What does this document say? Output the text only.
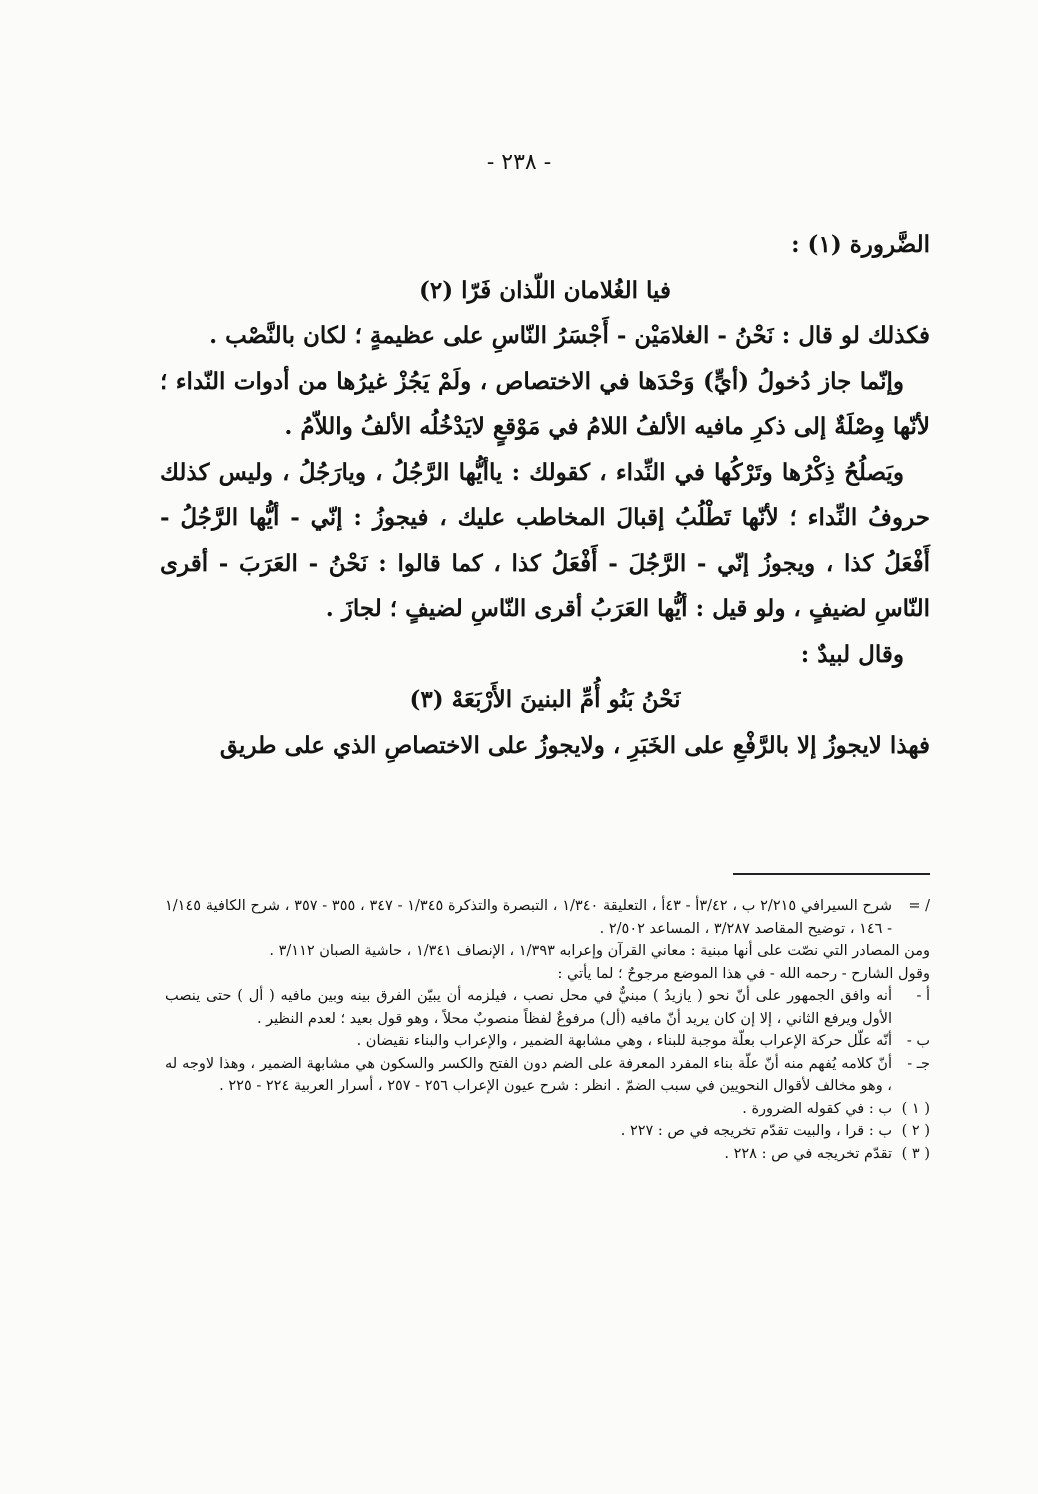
- ٢٣٨ -

الضَّرورة (١) :

فيا الغُلامان اللّذان فَرّا (٢)

فكذلك لو قال : نَحْنُ - الغلامَيْن - أَجْسَرُ النّاسِ على عظيمةٍ ؛ لكان بالنَّصْب .

وإنّما جاز دُخولُ (أيٍّ) وَحْدَها في الاختصاص ، ولَمْ يَجُزْ غيرُها من أدوات النّداء ؛ لأنّها وِصْلَةٌ إلى ذكرِ مافيه الألفُ اللامُ في مَوْقعٍ لايَدْخُلُه الألفُ واللاّمُ .

ويَصلُحُ ذِكْرُها وتَرْكُها في النِّداء ، كقولك : ياأيُّها الرَّجُلُ ، ويارَجُلُ ، وليس كذلك حروفُ النِّداء ؛ لأنّها تَطْلُبُ إقبالَ المخاطب عليك ، فيجوزُ : إنّي - أيُّها الرَّجُلُ - أَفْعَلُ كذا ، ويجوزُ إنّي - الرَّجُلَ - أَفْعَلُ كذا ، كما قالوا : نَحْنُ - العَرَبَ - أقرى النّاسِ لضيفٍ ، ولو قيل : أيُّها العَرَبُ أقرى النّاسِ لضيفٍ ؛ لجازَ .

وقال لبيدٌ :

نَحْنُ بَنُو أُمِّ البنينَ الأَرْبَعَهْ (٣)

فهذا لايجوزُ إلا بالرَّفْعِ على الخَبَرِ ، ولايجوزُ على الاختصاصِ الذي على طريق

/ =
شرح السيرافي ٢/٢١٥ ب ، ٣/٤٢أ - ٤٣أ ، التعليقة ١/٣٤٠ ، التبصرة والتذكرة ١/٣٤٥ - ٣٤٧ ، ٣٥٥ - ٣٥٧ ، شرح الكافية ١/١٤٥ - ١٤٦ ، توضيح المقاصد ٣/٢٨٧ ، المساعد ٢/٥٠٢ .
ومن المصادر التي نصّت على أنها مبنية : معاني القرآن وإعرابه ١/٣٩٣ ، الإنصاف ١/٣٤١ ، حاشية الصبان ٣/١١٢ .
وقول الشارح - رحمه الله - في هذا الموضع مرجوحٌ ؛ لما يأتي :
أ -
أنه وافق الجمهور على أنّ نحو ( يازيدُ ) مبنيٌّ في محل نصب ، فيلزمه أن يبيّن الفرق بينه وبين مافيه ( أل ) حتى ينصب الأول ويرفع الثاني ، إلا إن كان يريد أنّ مافيه (أل) مرفوعٌ لفظاً منصوبٌ محلاً ، وهو قول بعيد ؛ لعدم النظير .
ب -
أنّه علّل حركة الإعراب بعلّة موجبة للبناء ، وهي مشابهة الضمير ، والإعراب والبناء نقيضان .
جـ -
أنّ كلامه يُفهم منه أنّ علّة بناء المفرد المعرفة على الضم دون الفتح والكسر والسكون هي مشابهة الضمير ، وهذا لاوجه له ، وهو مخالف لأقوال النحويين في سبب الضمّ . انظر : شرح عيون الإعراب ٢٥٦ - ٢٥٧ ، أسرار العربية ٢٢٤ - ٢٢٥ .
( ١ )
ب : في كقوله الضرورة .
( ٢ )
ب : قرا ، والبيت تقدّم تخريجه في ص : ٢٢٧ .
( ٣ )
تقدّم تخريجه في ص : ٢٢٨ .
